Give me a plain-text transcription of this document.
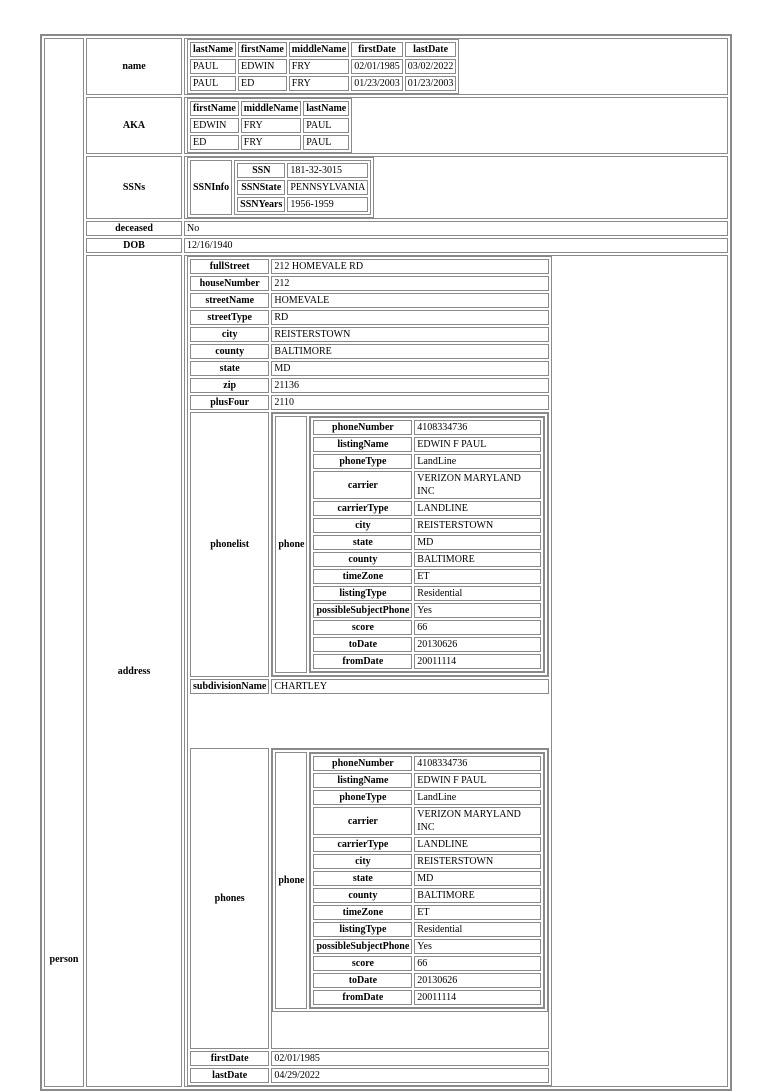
person	name	
lastName	firstName	middleName	firstDate	lastDate
PAUL	EDWIN	FRY	02/01/1985	03/02/2022
PAUL	ED	FRY	01/23/2003	01/23/2003

AKA	
firstName	middleName	lastName
EDWIN	FRY	PAUL
ED	FRY	PAUL

SSNs		SSNInfo	
SSN	181-32-3015
SSNState	PENNSYLVANIA
SSNYears	1956-1959

deceased	No
DOB	12/16/1940
address	
fullStreet	212 HOMEVALE RD
houseNumber	212
streetName	HOMEVALE
streetType	RD
city	REISTERSTOWN
county	BALTIMORE
state	MD
zip	21136
plusFour	2110
phonelist		phone	
phoneNumber	4108334736
listingName	EDWIN F PAUL
phoneType	LandLine
carrier	VERIZON MARYLAND INC
carrierType	LANDLINE
city	REISTERSTOWN
state	MD
county	BALTIMORE
timeZone	ET
listingType	Residential
possibleSubjectPhone	Yes
score	66
toDate	20130626
fromDate	20011114

subdivisionName	CHARTLEY

phones	
phone	
phoneNumber	4108334736
listingName	EDWIN F PAUL
phoneType	LandLine
carrier	VERIZON MARYLAND INC
carrierType	LANDLINE
city	REISTERSTOWN
state	MD
county	BALTIMORE
timeZone	ET
listingType	Residential
possibleSubjectPhone	Yes
score	66
toDate	20130626
fromDate	20011114

firstDate	02/01/1985
lastDate	04/29/2022
